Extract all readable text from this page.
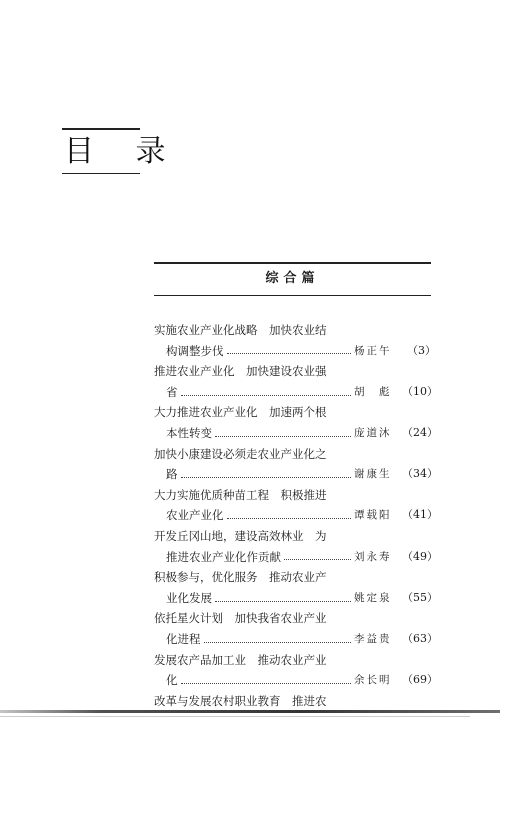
目 录
综合篇
实施农业产业化战略　加快农业结
构调整步伐	杨正午	（3）
推进农业产业化　加快建设农业强
省	胡　彪 （10）
大力推进农业产业化　加速两个根
本性转变	庞道沐 （24）
加快小康建设必须走农业产业化之
路	谢康生 （34）
大力实施优质种苗工程　积极推进
农业产业化	谭载阳 （41）
开发丘冈山地，建设高效林业　为
推进农业产业化作贡献	刘永寿 （49）
积极参与，优化服务　推动农业产
业化发展	姚定泉 （55）
依托星火计划　加快我省农业产业
化进程	李益贵 （63）
发展农产品加工业　推动农业产业
化	余长明 （69）
改革与发展农村职业教育　推进农
